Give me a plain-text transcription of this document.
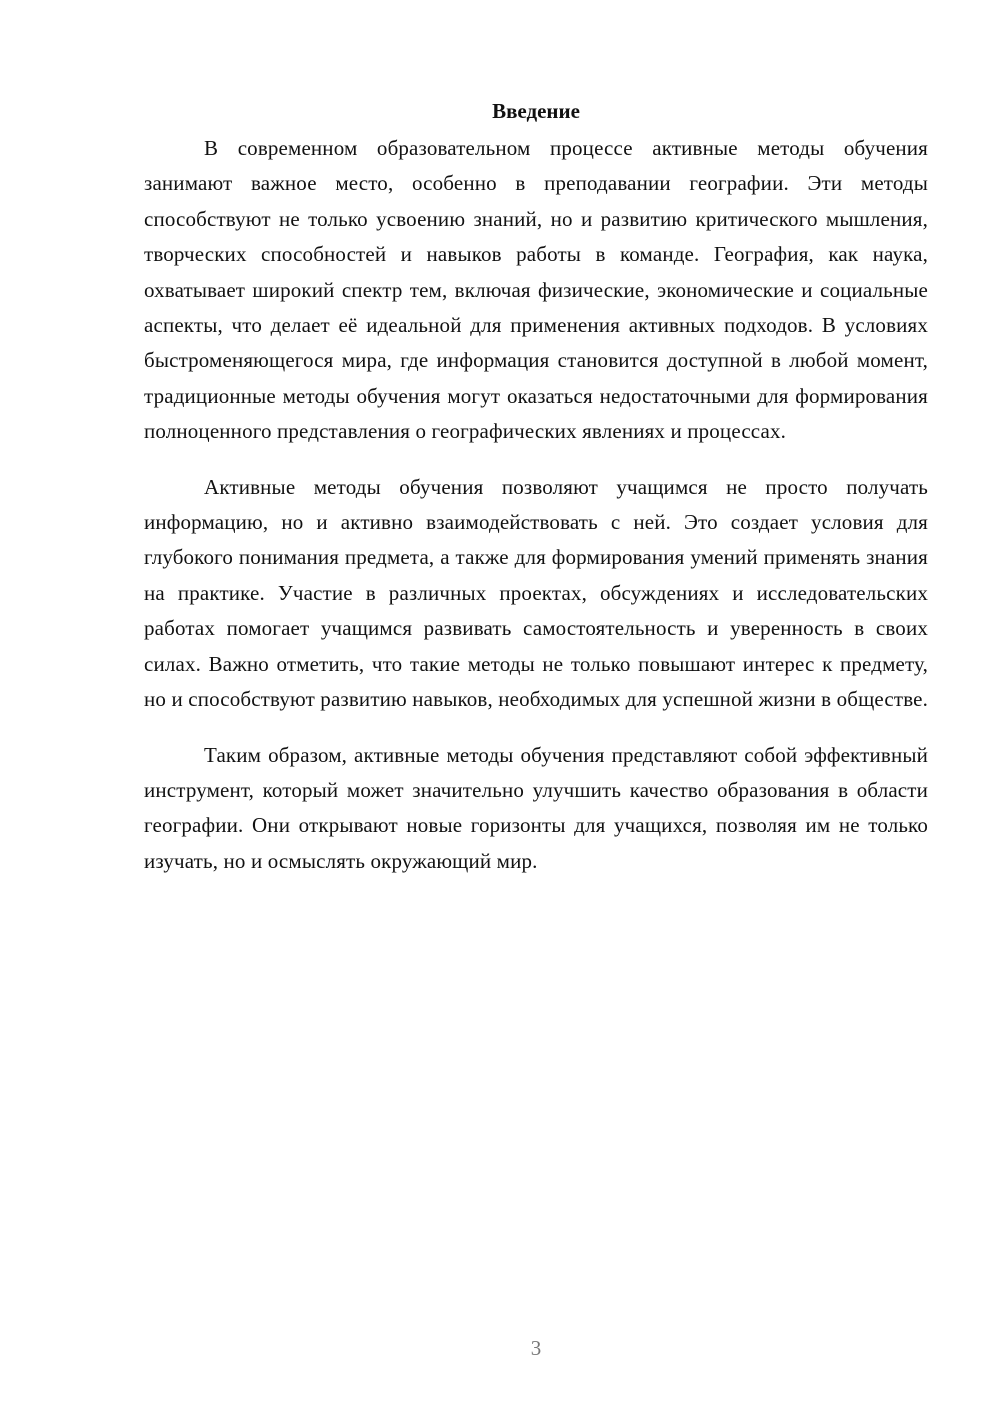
Введение

В современном образовательном процессе активные методы обучения занимают важное место, особенно в преподавании географии. Эти методы способствуют не только усвоению знаний, но и развитию критического мышления, творческих способностей и навыков работы в команде. География, как наука, охватывает широкий спектр тем, включая физические, экономические и социальные аспекты, что делает её идеальной для применения активных подходов. В условиях быстроменяющегося мира, где информация становится доступной в любой момент, традиционные методы обучения могут оказаться недостаточными для формирования полноценного представления о географических явлениях и процессах.

Активные методы обучения позволяют учащимся не просто получать информацию, но и активно взаимодействовать с ней. Это создает условия для глубокого понимания предмета, а также для формирования умений применять знания на практике. Участие в различных проектах, обсуждениях и исследовательских работах помогает учащимся развивать самостоятельность и уверенность в своих силах. Важно отметить, что такие методы не только повышают интерес к предмету, но и способствуют развитию навыков, необходимых для успешной жизни в обществе.

Таким образом, активные методы обучения представляют собой эффективный инструмент, который может значительно улучшить качество образования в области географии. Они открывают новые горизонты для учащихся, позволяя им не только изучать, но и осмыслять окружающий мир.

3
